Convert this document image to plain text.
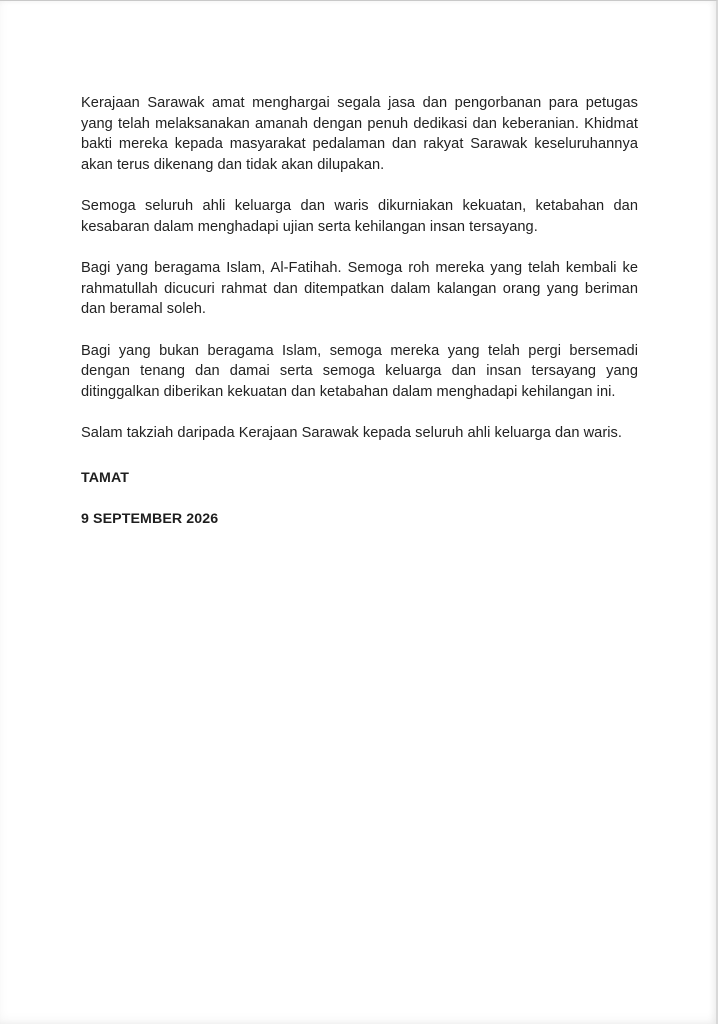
Kerajaan Sarawak amat menghargai segala jasa dan pengorbanan para petugas yang telah melaksanakan amanah dengan penuh dedikasi dan keberanian. Khidmat bakti mereka kepada masyarakat pedalaman dan rakyat Sarawak keseluruhannya akan terus dikenang dan tidak akan dilupakan.

Semoga seluruh ahli keluarga dan waris dikurniakan kekuatan, ketabahan dan kesabaran dalam menghadapi ujian serta kehilangan insan tersayang.

Bagi yang beragama Islam, Al-Fatihah. Semoga roh mereka yang telah kembali ke rahmatullah dicucuri rahmat dan ditempatkan dalam kalangan orang yang beriman dan beramal soleh.

Bagi yang bukan beragama Islam, semoga mereka yang telah pergi bersemadi dengan tenang dan damai serta semoga keluarga dan insan tersayang yang ditinggalkan diberikan kekuatan dan ketabahan dalam menghadapi kehilangan ini.

Salam takziah daripada Kerajaan Sarawak kepada seluruh ahli keluarga dan waris.

TAMAT

9 SEPTEMBER 2026
